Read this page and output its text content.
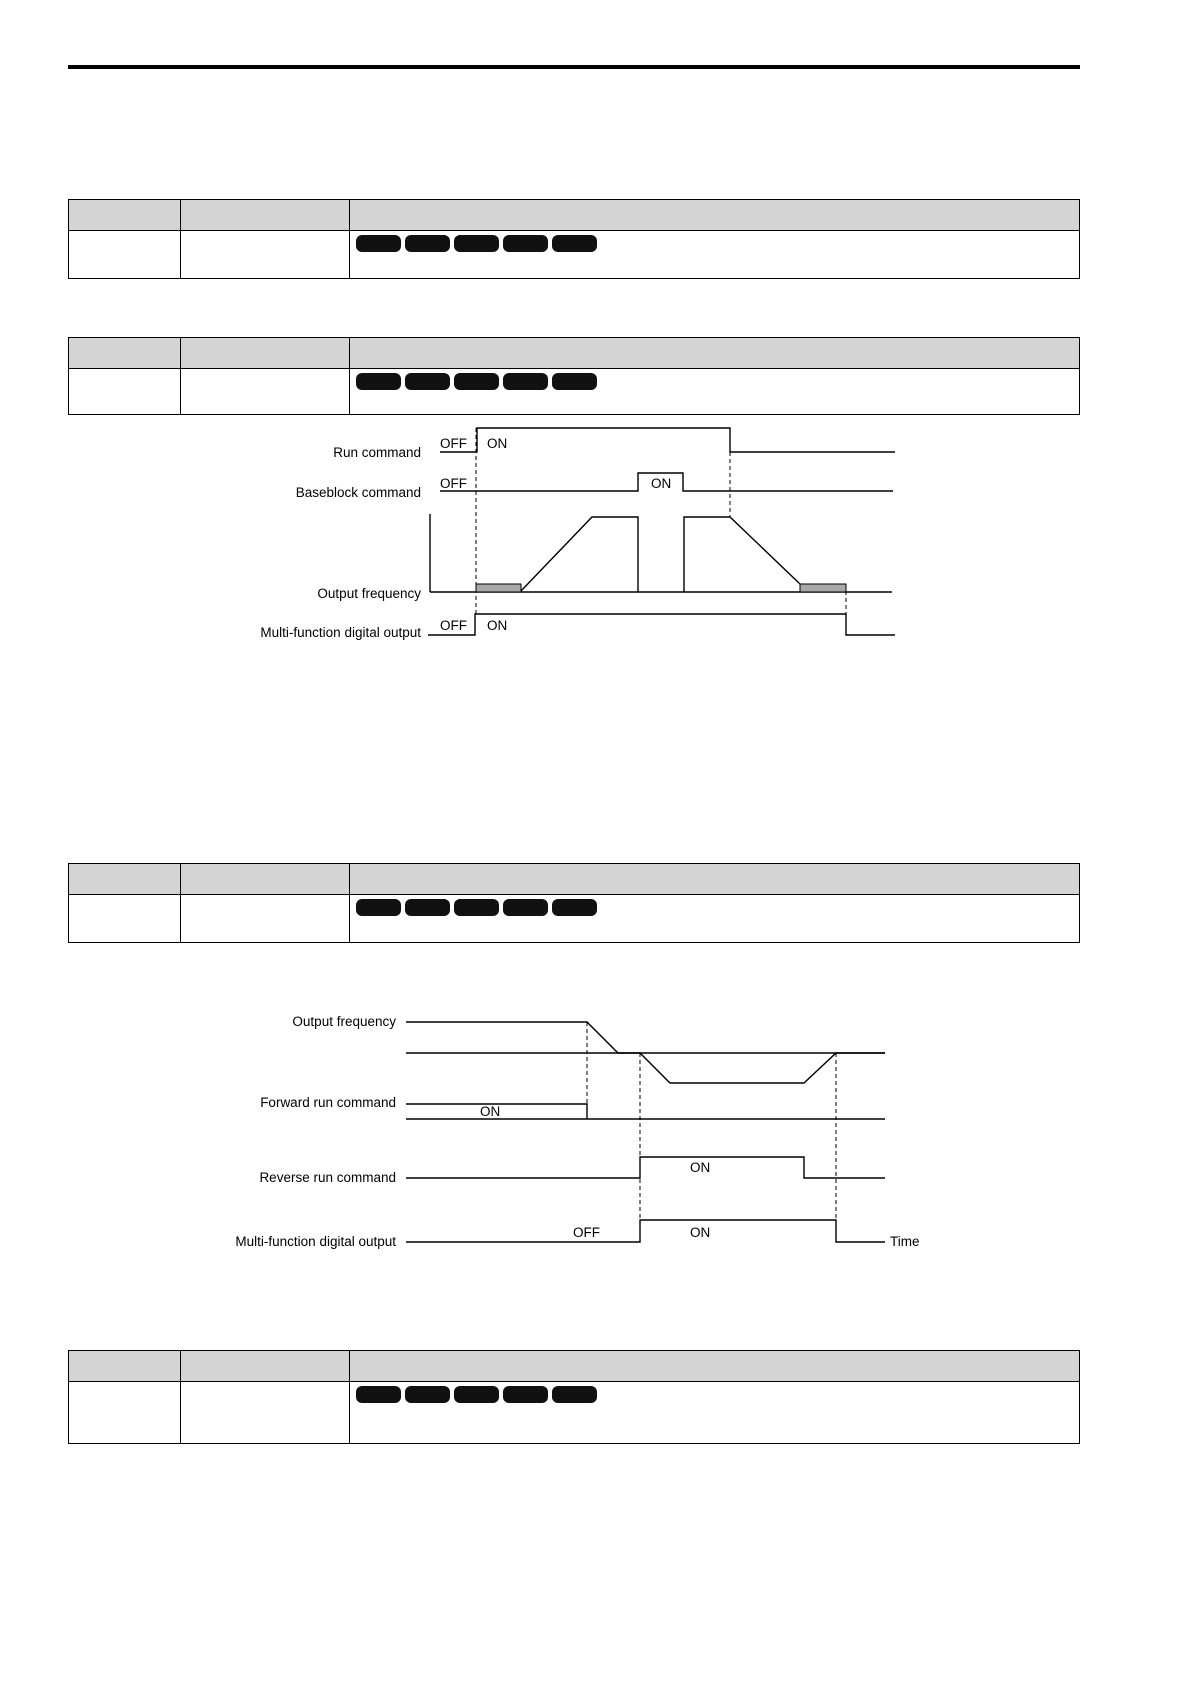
Run command
Baseblock command
Output frequency
Multi-function digital output
OFF ON
OFF	ON
OFF ON

Output frequency
Forward run command
Reverse run command
Multi-function digital output
ON
ON
OFF	ON
Time
